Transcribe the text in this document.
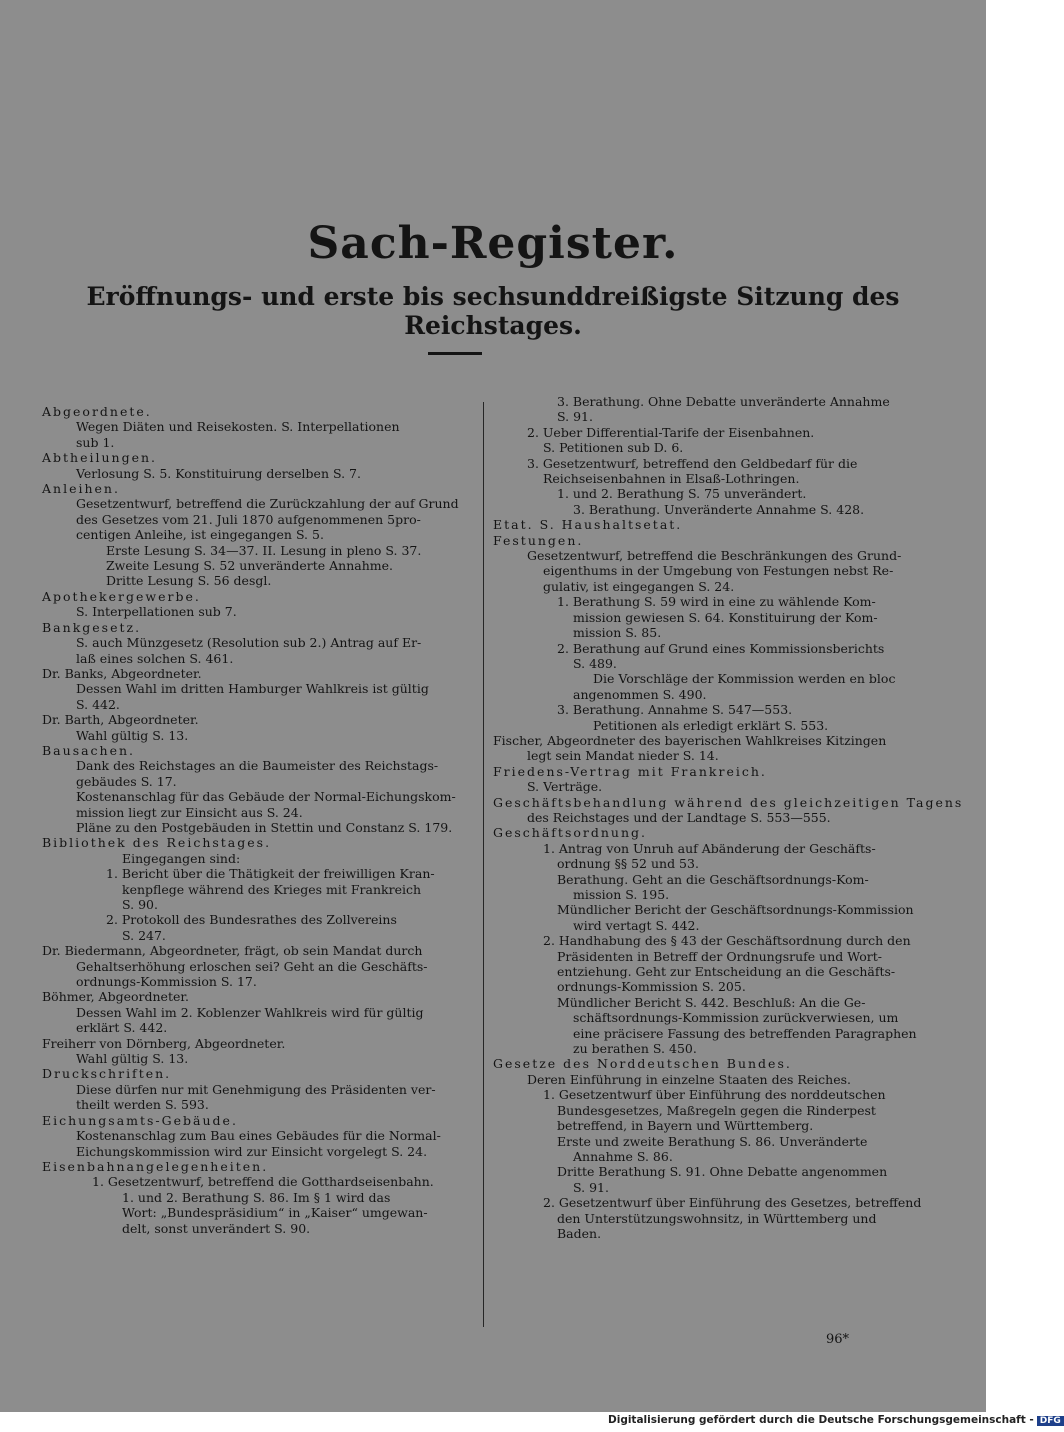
Sach-Register.
Eröffnungs- und erste bis sechsunddreißigste Sitzung des Reichstages.
Abgeordnete.
Wegen Diäten und Reisekosten. S. Interpellationen
sub 1.
Abtheilungen.
Verlosung S. 5. Konstituirung derselben S. 7.
Anleihen.
Gesetzentwurf, betreffend die Zurückzahlung der auf Grund
des Gesetzes vom 21. Juli 1870 aufgenommenen 5pro-
centigen Anleihe, ist eingegangen S. 5.
Erste Lesung S. 34—37. II. Lesung in pleno S. 37.
Zweite Lesung S. 52 unveränderte Annahme.
Dritte Lesung S. 56 desgl.
Apothekergewerbe.
S. Interpellationen sub 7.
Bankgesetz.
S. auch Münzgesetz (Resolution sub 2.) Antrag auf Er-
laß eines solchen S. 461.
Dr. Banks, Abgeordneter.
Dessen Wahl im dritten Hamburger Wahlkreis ist gültig
S. 442.
Dr. Barth, Abgeordneter.
Wahl gültig S. 13.
Bausachen.
Dank des Reichstages an die Baumeister des Reichstags-
gebäudes S. 17.
Kostenanschlag für das Gebäude der Normal-Eichungskom-
mission liegt zur Einsicht aus S. 24.
Pläne zu den Postgebäuden in Stettin und Constanz S. 179.
Bibliothek des Reichstages.
Eingegangen sind:
1. Bericht über die Thätigkeit der freiwilligen Kran-
kenpflege während des Krieges mit Frankreich
S. 90.
2. Protokoll des Bundesrathes des Zollvereins
S. 247.
Dr. Biedermann, Abgeordneter, frägt, ob sein Mandat durch
Gehaltserhöhung erloschen sei? Geht an die Geschäfts-
ordnungs-Kommission S. 17.
Böhmer, Abgeordneter.
Dessen Wahl im 2. Koblenzer Wahlkreis wird für gültig
erklärt S. 442.
Freiherr von Dörnberg, Abgeordneter.
Wahl gültig S. 13.
Druckschriften.
Diese dürfen nur mit Genehmigung des Präsidenten ver-
theilt werden S. 593.
Eichungsamts-Gebäude.
Kostenanschlag zum Bau eines Gebäudes für die Normal-
Eichungskommission wird zur Einsicht vorgelegt S. 24.
Eisenbahnangelegenheiten.
1. Gesetzentwurf, betreffend die Gotthardseisenbahn.
1. und 2. Berathung S. 86. Im § 1 wird das
Wort: „Bundespräsidium“ in „Kaiser“ umgewan-
delt, sonst unverändert S. 90.
3. Berathung. Ohne Debatte unveränderte Annahme
S. 91.
2. Ueber Differential-Tarife der Eisenbahnen.
S. Petitionen sub D. 6.
3. Gesetzentwurf, betreffend den Geldbedarf für die
Reichseisenbahnen in Elsaß-Lothringen.
1. und 2. Berathung S. 75 unverändert.
3. Berathung. Unveränderte Annahme S. 428.
Etat. S. Haushaltsetat.
Festungen.
Gesetzentwurf, betreffend die Beschränkungen des Grund-
eigenthums in der Umgebung von Festungen nebst Re-
gulativ, ist eingegangen S. 24.
1. Berathung S. 59 wird in eine zu wählende Kom-
mission gewiesen S. 64. Konstituirung der Kom-
mission S. 85.
2. Berathung auf Grund eines Kommissionsberichts
S. 489.
Die Vorschläge der Kommission werden en bloc
angenommen S. 490.
3. Berathung. Annahme S. 547—553.
Petitionen als erledigt erklärt S. 553.
Fischer, Abgeordneter des bayerischen Wahlkreises Kitzingen
legt sein Mandat nieder S. 14.
Friedens-Vertrag mit Frankreich.
S. Verträge.
Geschäftsbehandlung während des gleichzeitigen Tagens
des Reichstages und der Landtage S. 553—555.
Geschäftsordnung.
1. Antrag von Unruh auf Abänderung der Geschäfts-
ordnung §§ 52 und 53.
Berathung. Geht an die Geschäftsordnungs-Kom-
mission S. 195.
Mündlicher Bericht der Geschäftsordnungs-Kommission
wird vertagt S. 442.
2. Handhabung des § 43 der Geschäftsordnung durch den
Präsidenten in Betreff der Ordnungsrufe und Wort-
entziehung. Geht zur Entscheidung an die Geschäfts-
ordnungs-Kommission S. 205.
Mündlicher Bericht S. 442. Beschluß: An die Ge-
schäftsordnungs-Kommission zurückverwiesen, um
eine präcisere Fassung des betreffenden Paragraphen
zu berathen S. 450.
Gesetze des Norddeutschen Bundes.
Deren Einführung in einzelne Staaten des Reiches.
1. Gesetzentwurf über Einführung des norddeutschen
Bundesgesetzes, Maßregeln gegen die Rinderpest
betreffend, in Bayern und Württemberg.
Erste und zweite Berathung S. 86. Unveränderte
Annahme S. 86.
Dritte Berathung S. 91. Ohne Debatte angenommen
S. 91.
2. Gesetzentwurf über Einführung des Gesetzes, betreffend
den Unterstützungswohnsitz, in Württemberg und
Baden.
96*
Digitalisierung gefördert durch die Deutsche Forschungsgemeinschaft - DFG
